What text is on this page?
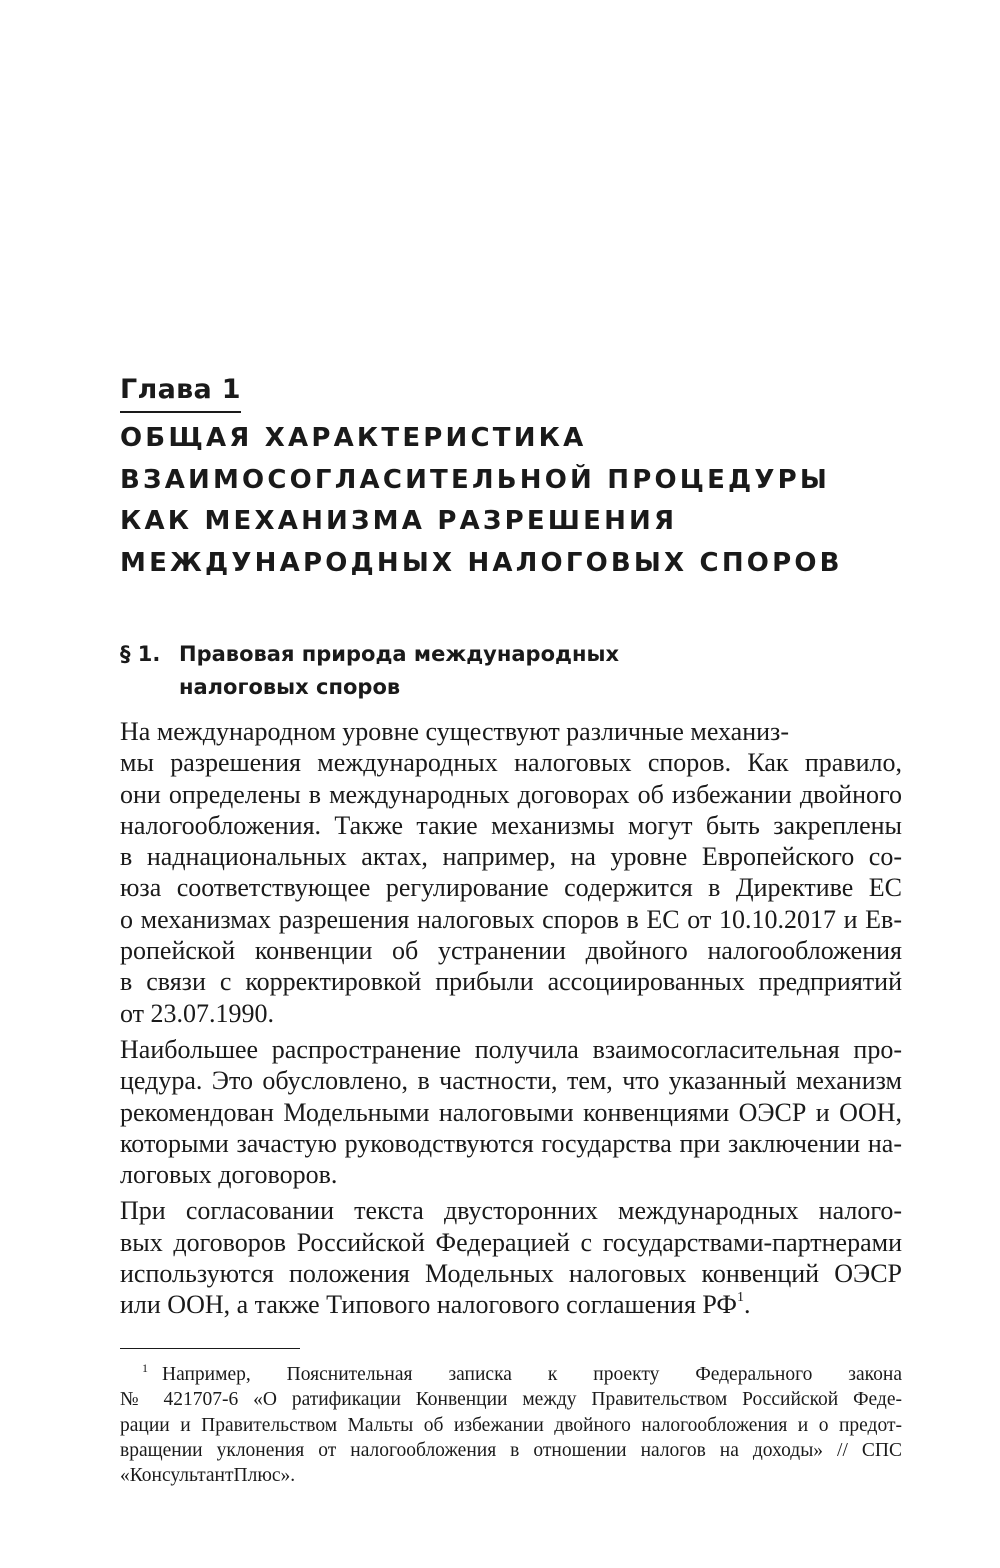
Глава 1
ОБЩАЯ ХАРАКТЕРИСТИКА
ВЗАИМОСОГЛАСИТЕЛЬНОЙ ПРОЦЕДУРЫ
КАК МЕХАНИЗМА РАЗРЕШЕНИЯ
МЕЖДУНАРОДНЫХ НАЛОГОВЫХ СПОРОВ
§ 1. Правовая природа международных
налоговых споров
На международном уровне существуют различные механиз-
мы разрешения международных налоговых споров. Как правило,
они определены в международных договорах об избежании двойного
налогообложения. Также такие механизмы могут быть закреплены
в наднациональных актах, например, на уровне Европейского со-
юза соответствующее регулирование содержится в Директиве ЕС
о механизмах разрешения налоговых споров в ЕС от 10.10.2017 и Ев-
ропейской конвенции об устранении двойного налогообложения
в связи с корректировкой прибыли ассоциированных предприятий
от 23.07.1990.
Наибольшее распространение получила взаимосогласительная про-
цедура. Это обусловлено, в частности, тем, что указанный механизм
рекомендован Модельными налоговыми конвенциями ОЭСР и ООН,
которыми зачастую руководствуются государства при заключении на-
логовых договоров.
При согласовании текста двусторонних международных налого-
вых договоров Российской Федерацией с государствами-партнерами
используются положения Модельных налоговых конвенций ОЭСР
или ООН, а также Типового налогового соглашения $РФ^1$.
$^1$ Например, Пояснительная записка к проекту Федерального закона
№ 421707-6 «О ратификации Конвенции между Правительством Российской Феде-
рации и Правительством Мальты об избежании двойного налогообложения и о предот-
вращении уклонения от налогообложения в отношении налогов на доходы» // СПС
«КонсультантПлюс».
